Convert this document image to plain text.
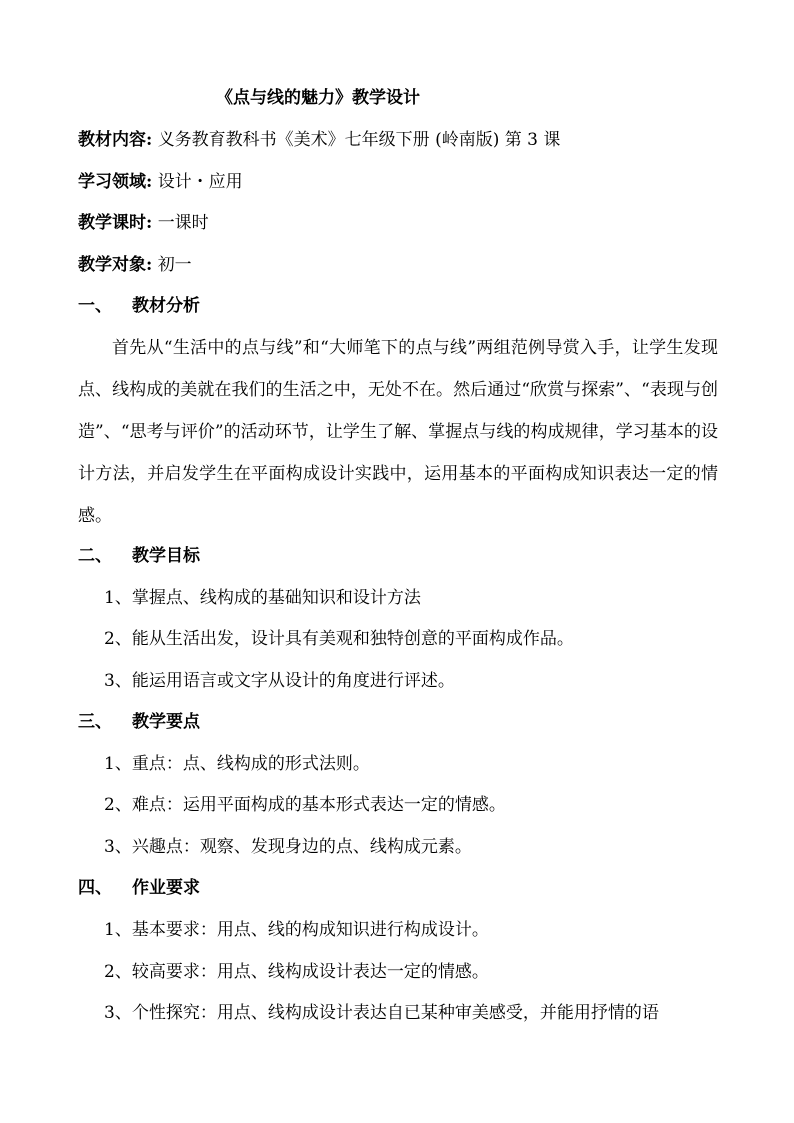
《点与线的魅力》教学设计
教材内容: 义务教育教科书《美术》七年级下册 (岭南版) 第 3 课
学习领域: 设计・应用
教学课时: 一课时
教学对象: 初一
一、 教材分析
首先从“生活中的点与线”和“大师笔下的点与线”两组范例导赏入手，让学生发现点、线构成的美就在我们的生活之中，无处不在。然后通过“欣赏与探索”、“表现与创造”、“思考与评价”的活动环节，让学生了解、掌握点与线的构成规律，学习基本的设计方法，并启发学生在平面构成设计实践中，运用基本的平面构成知识表达一定的情感。
二、 教学目标
1、掌握点、线构成的基础知识和设计方法
2、能从生活出发，设计具有美观和独特创意的平面构成作品。
3、能运用语言或文字从设计的角度进行评述。
三、 教学要点
1、重点：点、线构成的形式法则。
2、难点：运用平面构成的基本形式表达一定的情感。
3、兴趣点：观察、发现身边的点、线构成元素。
四、 作业要求
1、基本要求：用点、线的构成知识进行构成设计。
2、较高要求：用点、线构成设计表达一定的情感。
3、个性探究：用点、线构成设计表达自已某种审美感受，并能用抒情的语
